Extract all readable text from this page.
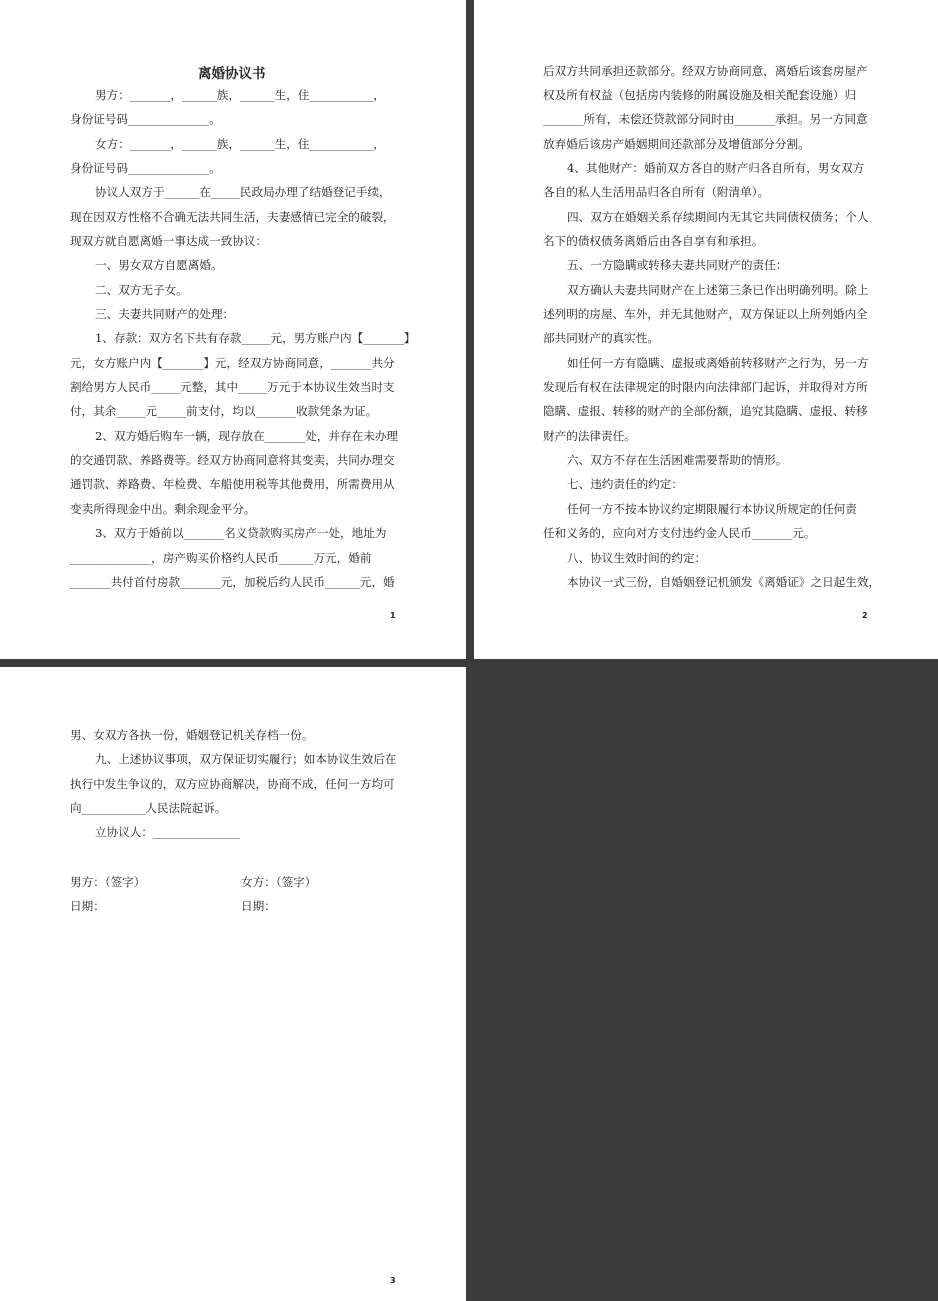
离婚协议书
男方：_______，______族，______生，住___________，
身份证号码______________。
女方：_______，______族，______生，住___________，
身份证号码______________。
协议人双方于______在_____民政局办理了结婚登记手续，
现在因双方性格不合确无法共同生活，夫妻感情已完全的破裂，
现双方就自愿离婚一事达成一致协议：
一、男女双方自愿离婚。
二、双方无子女。
三、夫妻共同财产的处理：
1、存款：双方名下共有存款_____元，男方账户内【_______】
元，女方账户内【_______】元，经双方协商同意，_______共分
割给男方人民币_____元整，其中_____万元于本协议生效当时支
付，其余_____元_____前支付，均以_______收款凭条为证。
2、双方婚后购车一辆，现存放在_______处，并存在未办理
的交通罚款、养路费等。经双方协商同意将其变卖，共同办理交
通罚款、养路费、年检费、车船使用税等其他费用，所需费用从
变卖所得现金中出。剩余现金平分。
3、双方于婚前以_______名义贷款购买房产一处，地址为
______________，房产购买价格约人民币______万元，婚前
_______共付首付房款_______元，加税后约人民币______元，婚
1
后双方共同承担还款部分。经双方协商同意，离婚后该套房屋产
权及所有权益（包括房内装修的附属设施及相关配套设施）归
_______所有，未偿还贷款部分同时由_______承担。另一方同意
放弃婚后该房产婚姻期间还款部分及增值部分分割。
4、其他财产：婚前双方各自的财产归各自所有，男女双方
各自的私人生活用品归各自所有（附清单）。
四、双方在婚姻关系存续期间内无其它共同债权债务；个人
名下的债权债务离婚后由各自享有和承担。
五、一方隐瞒或转移夫妻共同财产的责任：
双方确认夫妻共同财产在上述第三条已作出明确列明。除上
述列明的房屋、车外，并无其他财产，双方保证以上所列婚内全
部共同财产的真实性。
如任何一方有隐瞒、虚报或离婚前转移财产之行为，另一方
发现后有权在法律规定的时限内向法律部门起诉，并取得对方所
隐瞒、虚报、转移的财产的全部份额，追究其隐瞒、虚报、转移
财产的法律责任。
六、双方不存在生活困难需要帮助的情形。
七、违约责任的约定：
任何一方不按本协议约定期限履行本协议所规定的任何责
任和义务的，应向对方支付违约金人民币_______元。
八、协议生效时间的约定：
本协议一式三份，自婚姻登记机颁发《离婚证》之日起生效，
2
男、女双方各执一份，婚姻登记机关存档一份。
九、上述协议事项，双方保证切实履行；如本协议生效后在
执行中发生争议的，双方应协商解决，协商不成，任何一方均可
向___________人民法院起诉。
立协议人：_______________
男方：（签字）	女方：（签字）
日期：	日期：
3
